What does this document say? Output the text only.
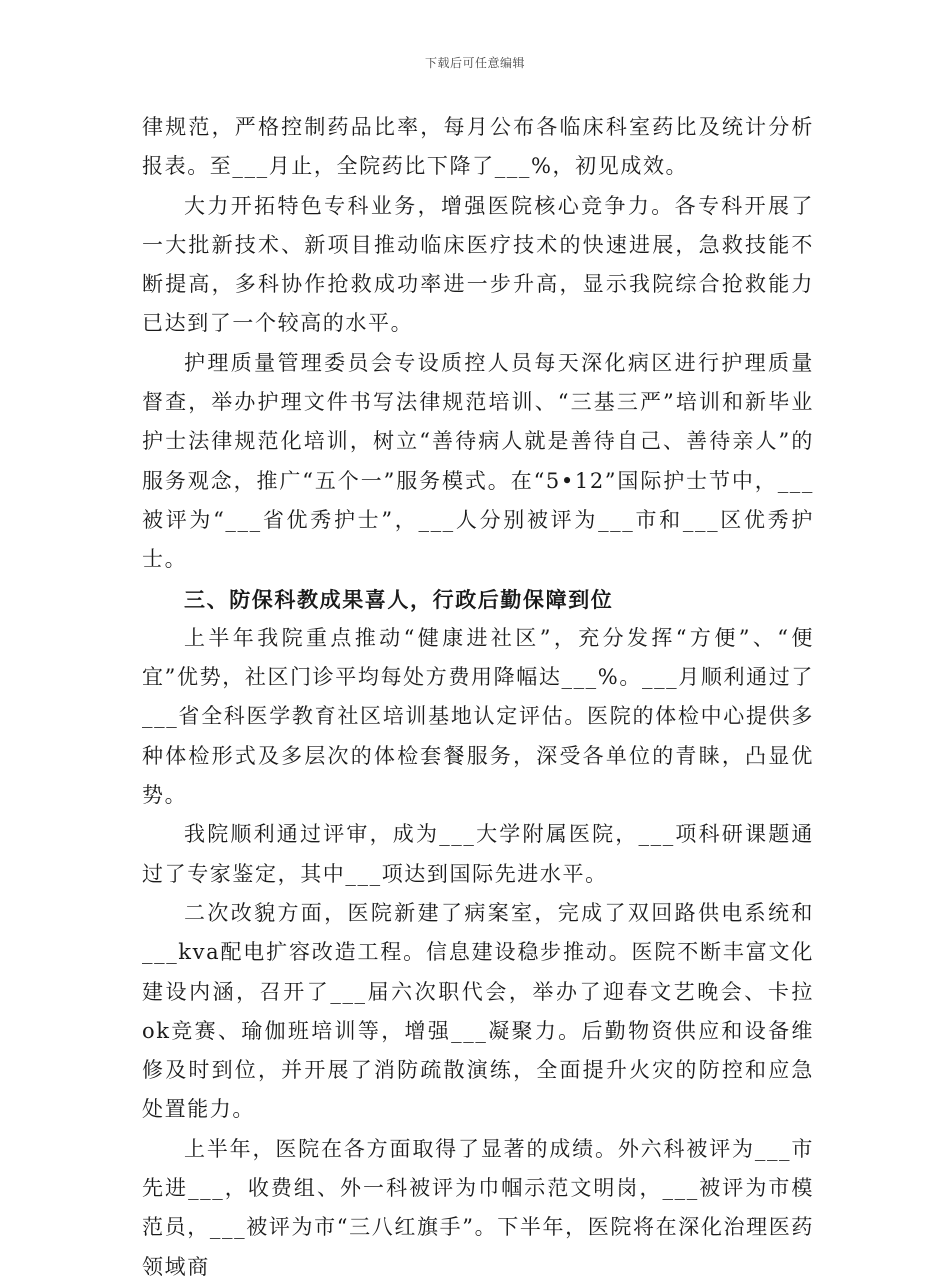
下载后可任意编辑

律规范，严格控制药品比率，每月公布各临床科室药比及统计分析报表。至___月止，全院药比下降了___%，初见成效。

大力开拓特色专科业务，增强医院核心竞争力。各专科开展了一大批新技术、新项目推动临床医疗技术的快速进展，急救技能不断提高，多科协作抢救成功率进一步升高，显示我院综合抢救能力已达到了一个较高的水平。

护理质量管理委员会专设质控人员每天深化病区进行护理质量督查，举办护理文件书写法律规范培训、“三基三严”培训和新毕业护士法律规范化培训，树立“善待病人就是善待自己、善待亲人”的服务观念，推广“五个一”服务模式。在“5•12”国际护士节中，___被评为“___省优秀护士”，___人分别被评为___市和___区优秀护士。

三、防保科教成果喜人，行政后勤保障到位

上半年我院重点推动“健康进社区”，充分发挥“方便”、“便宜”优势，社区门诊平均每处方费用降幅达___%。___月顺利通过了___省全科医学教育社区培训基地认定评估。医院的体检中心提供多种体检形式及多层次的体检套餐服务，深受各单位的青睐，凸显优势。

我院顺利通过评审，成为___大学附属医院，___项科研课题通过了专家鉴定，其中___项达到国际先进水平。

二次改貌方面，医院新建了病案室，完成了双回路供电系统和___kva配电扩容改造工程。信息建设稳步推动。医院不断丰富文化建设内涵，召开了___届六次职代会，举办了迎春文艺晚会、卡拉ok竞赛、瑜伽班培训等，增强___凝聚力。后勤物资供应和设备维修及时到位，并开展了消防疏散演练，全面提升火灾的防控和应急处置能力。

上半年，医院在各方面取得了显著的成绩。外六科被评为___市先进___，收费组、外一科被评为巾帼示范文明岗，___被评为市模范员，___被评为市“三八红旗手”。下半年，医院将在深化治理医药领域商
